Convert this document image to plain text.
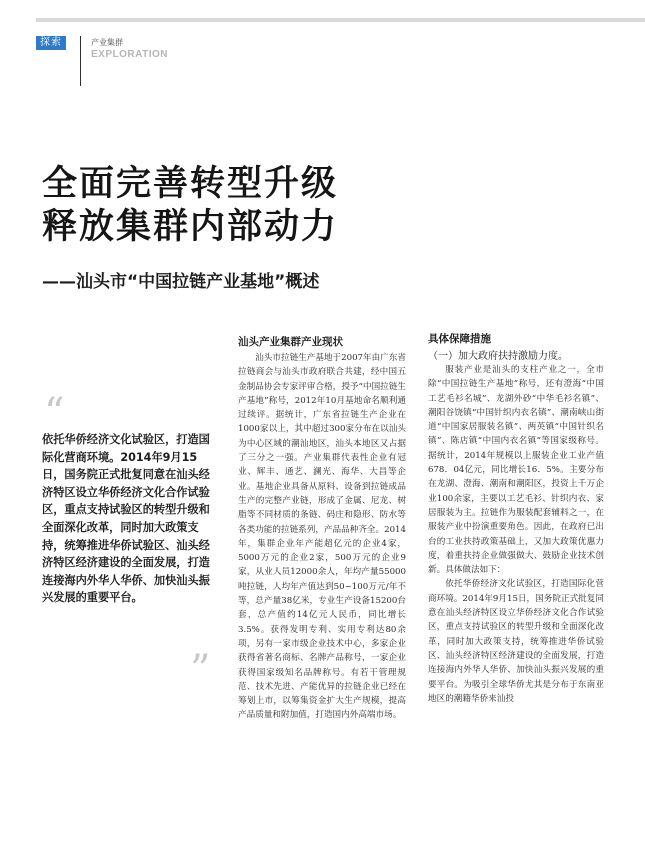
探索	产业集群
EXPLORATION
全面完善转型升级
释放集群内部动力
——汕头市“中国拉链产业基地”概述
“
依托华侨经济文化试验区，打造国际化营商环境。2014年9月15日，国务院正式批复同意在汕头经济特区设立华侨经济文化合作试验区，重点支持试验区的转型升级和全面深化改革，同时加大政策支持，统筹推进华侨试验区、汕头经济特区经济建设的全面发展，打造连接海内外华人华侨、加快汕头振兴发展的重要平台。
”
汕头产业集群产业现状

汕头市拉链生产基地于2007年由广东省拉链商会与汕头市政府联合共建，经中国五金制品协会专家评审合格，授予“中国拉链生产基地”称号，2012年10月基地命名顺利通过续评。据统计，广东省拉链生产企业在1000家以上，其中超过300家分布在以汕头为中心区域的潮汕地区，汕头本地区又占据了三分之一强。产业集群代表性企业有冠业、辉丰、通艺、澜光、海华、大昌等企业。基地企业具备从原料、设备到拉链成品生产的完整产业链，形成了金属、尼龙、树脂等不同材质的条链、码庄和隐形、防水等各类功能的拉链系列，产品品种齐全。2014年，集群企业年产能超亿元的企业4家，5000万元的企业2家，500万元的企业9家，从业人员12000余人，年均产量55000吨拉链，人均年产值达到50~100万元/年不等，总产量38亿米，专业生产设备15200台套，总产值约14亿元人民币，同比增长3.5%。获得发明专利、实用专利达80余项，另有一家市级企业技术中心，多家企业获得省著名商标、名牌产品称号，一家企业获得国家级知名品牌称号。有若干管理规范、技术先进、产能优异的拉链企业已经在筹划上市，以筹集资金扩大生产规模，提高产品质量和附加值，打造国内外高端市场。

具体保障措施
（一）加大政府扶持激励力度。

服装产业是汕头的支柱产业之一，全市除“中国拉链生产基地”称号，还有澄海“中国工艺毛衫名城”、龙湖外砂“中华毛衫名镇”、潮阳谷饶镇“中国针织内衣名镇”、潮南峡山街道“中国家居服装名镇”、两英镇“中国针织名镇”、陈店镇“中国内衣名镇”等国家级称号。据统计，2014年规模以上服装企业工业产值678．04亿元，同比增长16．5%。主要分布在龙湖、澄海、潮南和潮阳区，投资上千万企业100余家，主要以工艺毛衫、针织内衣、家居服装为主。拉链作为服装配套辅料之一，在服装产业中扮演重要角色。因此，在政府已出台的工业扶持政策基础上，又加大政策优惠力度，着重扶持企业做强做大、鼓励企业技术创新。具体做法如下：

依托华侨经济文化试验区，打造国际化营商环境。2014年9月15日，国务院正式批复同意在汕头经济特区设立华侨经济文化合作试验区，重点支持试验区的转型升级和全面深化改革，同时加大政策支持，统筹推进华侨试验区、汕头经济特区经济建设的全面发展，打造连接海内外华人华侨、加快汕头振兴发展的重要平台。为吸引全球华侨尤其是分布于东南亚地区的潮籍华侨来汕投
